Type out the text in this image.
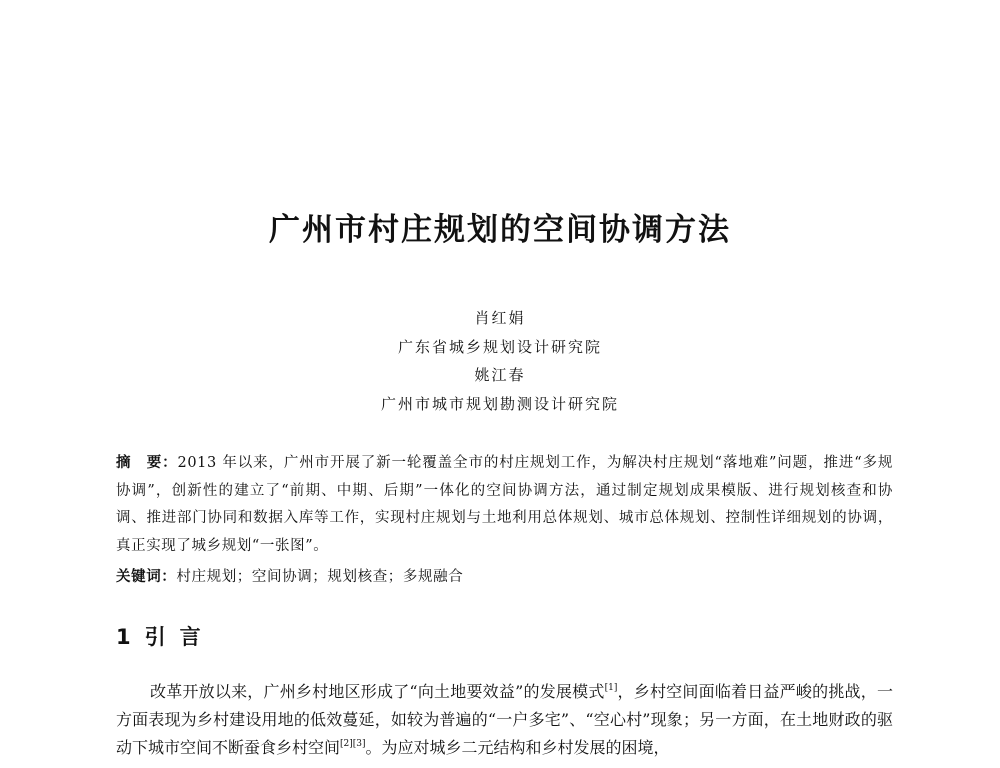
广州市村庄规划的空间协调方法
肖红娟
广东省城乡规划设计研究院
姚江春
广州市城市规划勘测设计研究院
摘　要：2013 年以来，广州市开展了新一轮覆盖全市的村庄规划工作，为解决村庄规划“落地难”问题，推进“多规协调”，创新性的建立了“前期、中期、后期”一体化的空间协调方法，通过制定规划成果模版、进行规划核查和协调、推进部门协同和数据入库等工作，实现村庄规划与土地利用总体规划、城市总体规划、控制性详细规划的协调，真正实现了城乡规划“一张图”。
关键词：村庄规划；空间协调；规划核查；多规融合
1 引言
改革开放以来，广州乡村地区形成了“向土地要效益”的发展模式[1]，乡村空间面临着日益严峻的挑战，一方面表现为乡村建设用地的低效蔓延，如较为普遍的“一户多宅”、“空心村”现象；另一方面，在土地财政的驱动下城市空间不断蚕食乡村空间[2][3]。为应对城乡二元结构和乡村发展的困境，
